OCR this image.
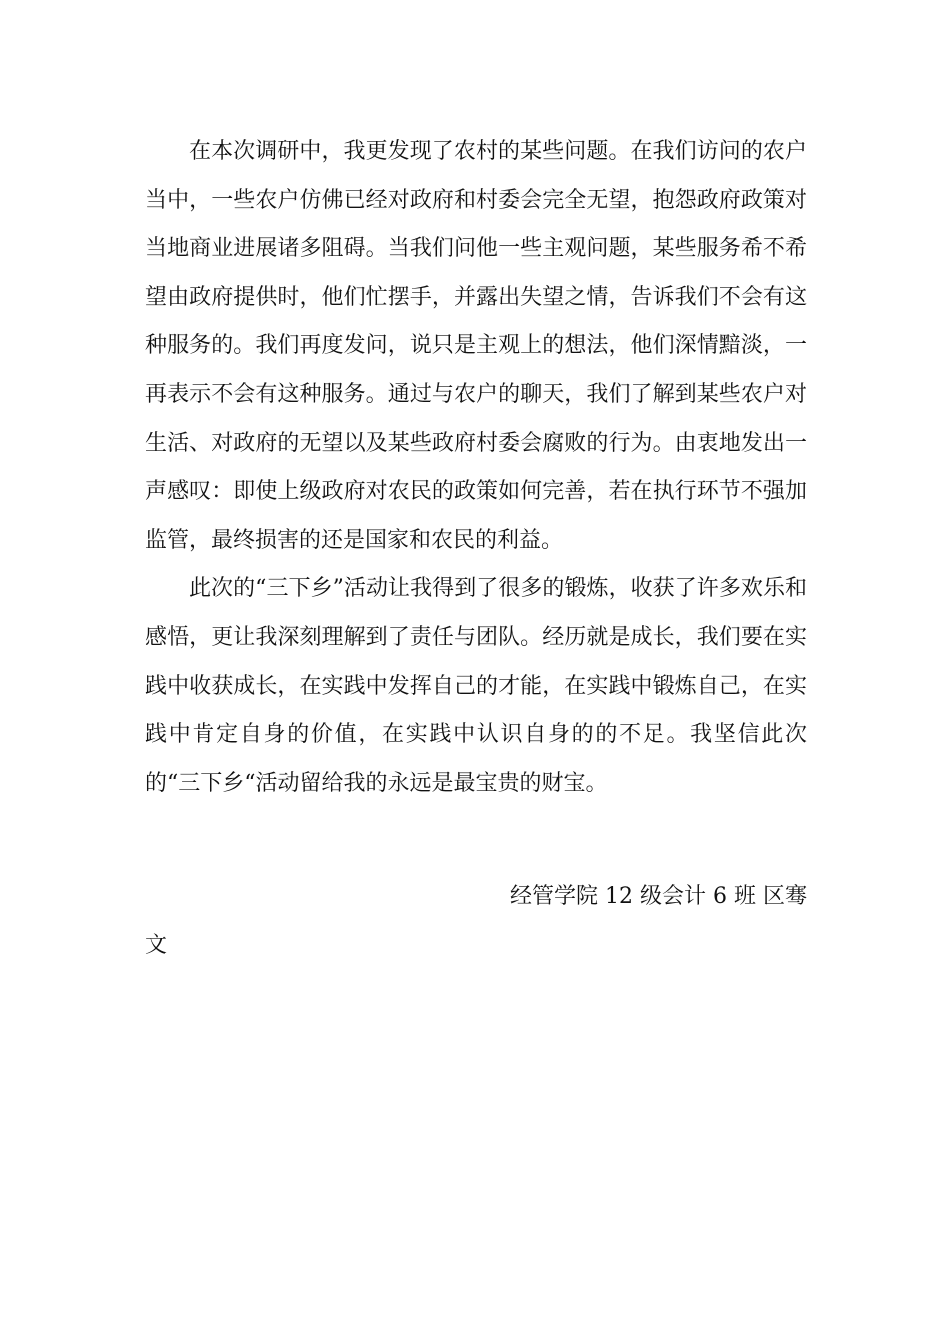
在本次调研中，我更发现了农村的某些问题。在我们访问的农户当中，一些农户仿佛已经对政府和村委会完全无望，抱怨政府政策对当地商业进展诸多阻碍。当我们问他一些主观问题，某些服务希不希望由政府提供时，他们忙摆手，并露出失望之情，告诉我们不会有这种服务的。我们再度发问，说只是主观上的想法，他们深情黯淡，一再表示不会有这种服务。通过与农户的聊天，我们了解到某些农户对生活、对政府的无望以及某些政府村委会腐败的行为。由衷地发出一声感叹：即使上级政府对农民的政策如何完善，若在执行环节不强加监管，最终损害的还是国家和农民的利益。

此次的“三下乡”活动让我得到了很多的锻炼，收获了许多欢乐和感悟，更让我深刻理解到了责任与团队。经历就是成长，我们要在实践中收获成长，在实践中发挥自己的才能，在实践中锻炼自己，在实践中肯定自身的价值，在实践中认识自身的的不足。我坚信此次的“三下乡“活动留给我的永远是最宝贵的财宝。

经管学院 12 级会计 6 班 区骞
文
